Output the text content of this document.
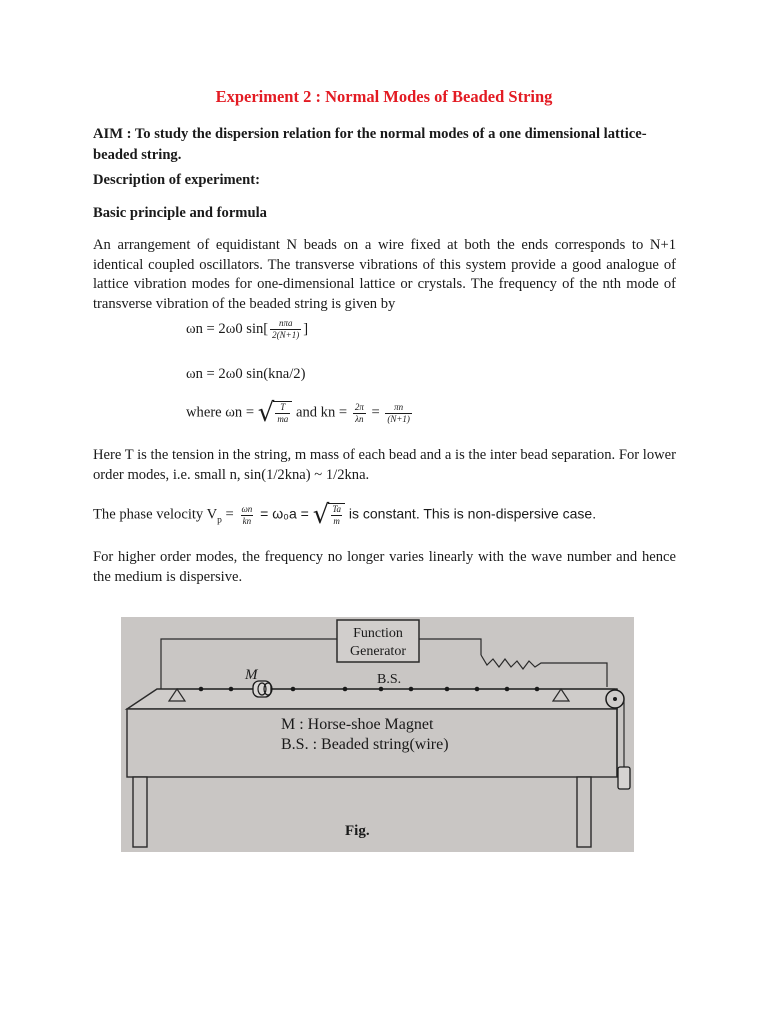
Experiment 2 : Normal Modes of Beaded String
AIM : To study the dispersion relation for the normal modes of a one dimensional lattice-beaded string.
Description of experiment:
Basic principle and formula
An arrangement of equidistant N beads on a wire fixed at both the ends corresponds to N+1 identical coupled oscillators. The transverse vibrations of this system provide a good analogue of lattice vibration modes for one-dimensional lattice or crystals. The frequency of the nth mode of transverse vibration of the beaded string is given by
ωn = 2ω0 $\sin[ \frac{\text{nπa}}{2(N+1)}$ ]
ωn = 2ω0 sin(kna/2)
where ωn = √ $\frac{T}{ma}$ and kn = $\frac{2\pi}{\lambda n} = \frac{\pi n}{(N+1)}$
Here T is the tension in the string, m mass of each bead and a is the inter bead separation. For lower order modes, i.e. small n, sin(1/2kna) ~ 1/2kna.
The phase velocity $V_p = \frac{\omega n}{kn} = \omega_0a$ = √ $\frac{Ta}{m}$ is constant. This is non-dispersive case.
For higher order modes, the frequency no longer varies linearly with the wave number and hence the medium is dispersive.
Function
Generator
M	B.S.
M : Horse-shoe Magnet
B.S. : Beaded string(wire)
Fig.
